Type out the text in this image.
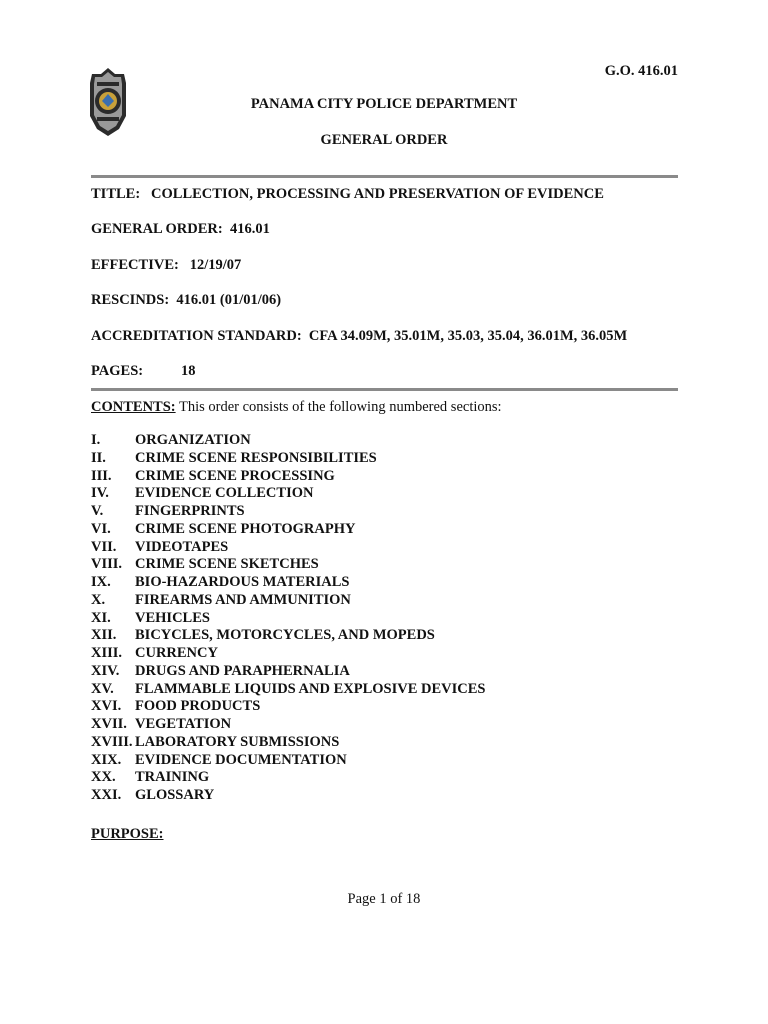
G.O. 416.01
PANAMA CITY POLICE DEPARTMENT
GENERAL ORDER
TITLE: COLLECTION, PROCESSING AND PRESERVATION OF EVIDENCE
GENERAL ORDER: 416.01
EFFECTIVE: 12/19/07
RESCINDS: 416.01 (01/01/06)
ACCREDITATION STANDARD: CFA 34.09M, 35.01M, 35.03, 35.04, 36.01M, 36.05M
PAGES:	18
CONTENTS: This order consists of the following numbered sections:
I. ORGANIZATION
II. CRIME SCENE RESPONSIBILITIES
III. CRIME SCENE PROCESSING
IV. EVIDENCE COLLECTION
V. FINGERPRINTS
VI. CRIME SCENE PHOTOGRAPHY
VII. VIDEOTAPES
VIII. CRIME SCENE SKETCHES
IX. BIO-HAZARDOUS MATERIALS
X. FIREARMS AND AMMUNITION
XI. VEHICLES
XII. BICYCLES, MOTORCYCLES, AND MOPEDS
XIII. CURRENCY
XIV. DRUGS AND PARAPHERNALIA
XV. FLAMMABLE LIQUIDS AND EXPLOSIVE DEVICES
XVI. FOOD PRODUCTS
XVII. VEGETATION
XVIII. LABORATORY SUBMISSIONS
XIX. EVIDENCE DOCUMENTATION
XX. TRAINING
XXI. GLOSSARY
PURPOSE:
Page 1 of 18
